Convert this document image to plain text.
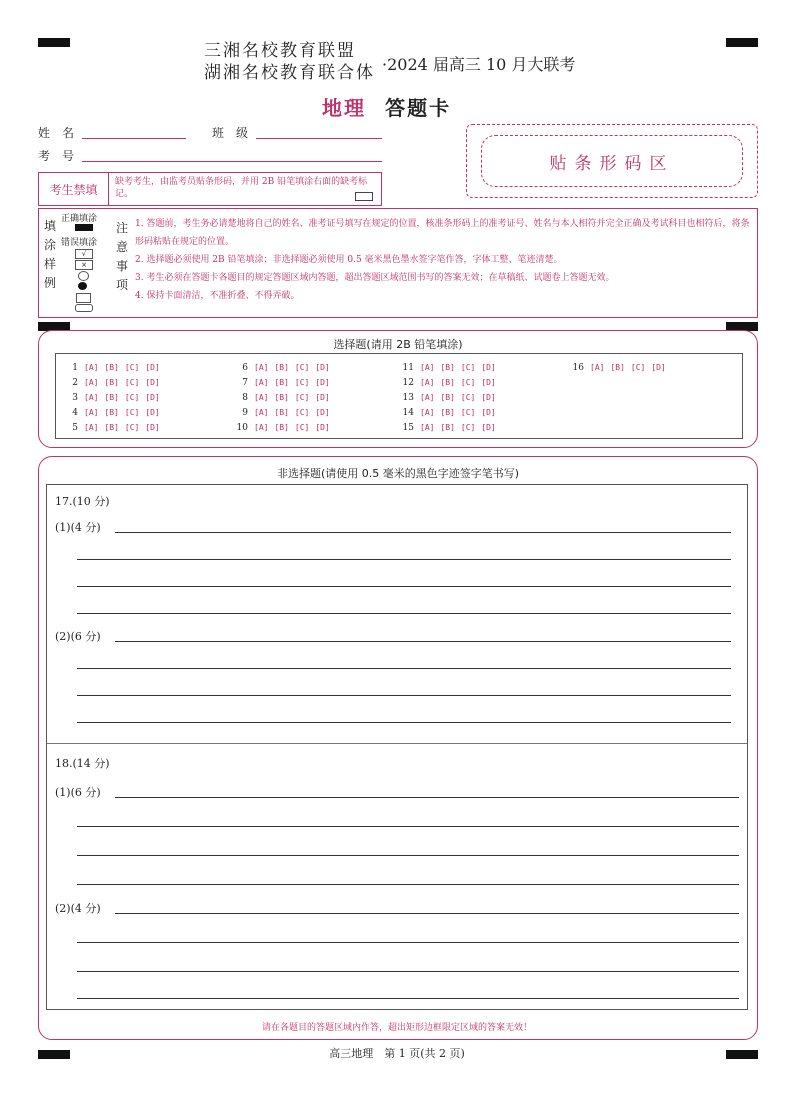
三湘名校教育联盟
湖湘名校教育联合体 ·2024 届高三 10 月大联考
地理 答题卡
姓　名	班　级
考　号	贴条形码区
考生禁填
缺考考生，由监考员贴条形码，并用 2B 铅笔填涂右面的缺考标记。
填
涂
样
例
正确填涂
错误填涂
√
×
注
意
事
项
1. 答题前，考生务必请楚地将自己的姓名、准考证号填写在规定的位置，核准条形码上的准考证号、姓名与本人相符并完全正确及考试科目也相符后，将条形码粘贴在规定的位置。
2. 选择题必须使用 2B 铅笔填涂；非选择题必须使用 0.5 毫米黑色墨水签字笔作答，字体工整、笔迹清楚。
3. 考生必须在答题卡各题目的规定答题区域内答题，超出答题区域范围书写的答案无效；在草稿纸、试题卷上答题无效。
4. 保持卡面清洁，不准折叠、不得弄破。
选择题(请用 2B 铅笔填涂)
1 [A] [B] [C] [D]
2 [A] [B] [C] [D]
3 [A] [B] [C] [D]
4 [A] [B] [C] [D]
5 [A] [B] [C] [D]
6 [A] [B] [C] [D]
7 [A] [B] [C] [D]
8 [A] [B] [C] [D]
9 [A] [B] [C] [D]
10 [A] [B] [C] [D]
11 [A] [B] [C] [D]
12 [A] [B] [C] [D]
13 [A] [B] [C] [D]
14 [A] [B] [C] [D]
15 [A] [B] [C] [D]
16 [A] [B] [C] [D]
非选择题(请使用 0.5 毫米的黑色字迹签字笔书写)
17.(10 分)
(1)(4 分)
(2)(6 分)
18.(14 分)
(1)(6 分)
(2)(4 分)
请在各题目的答题区域内作答，超出矩形边框限定区域的答案无效！
高三地理　第 1 页(共 2 页)
